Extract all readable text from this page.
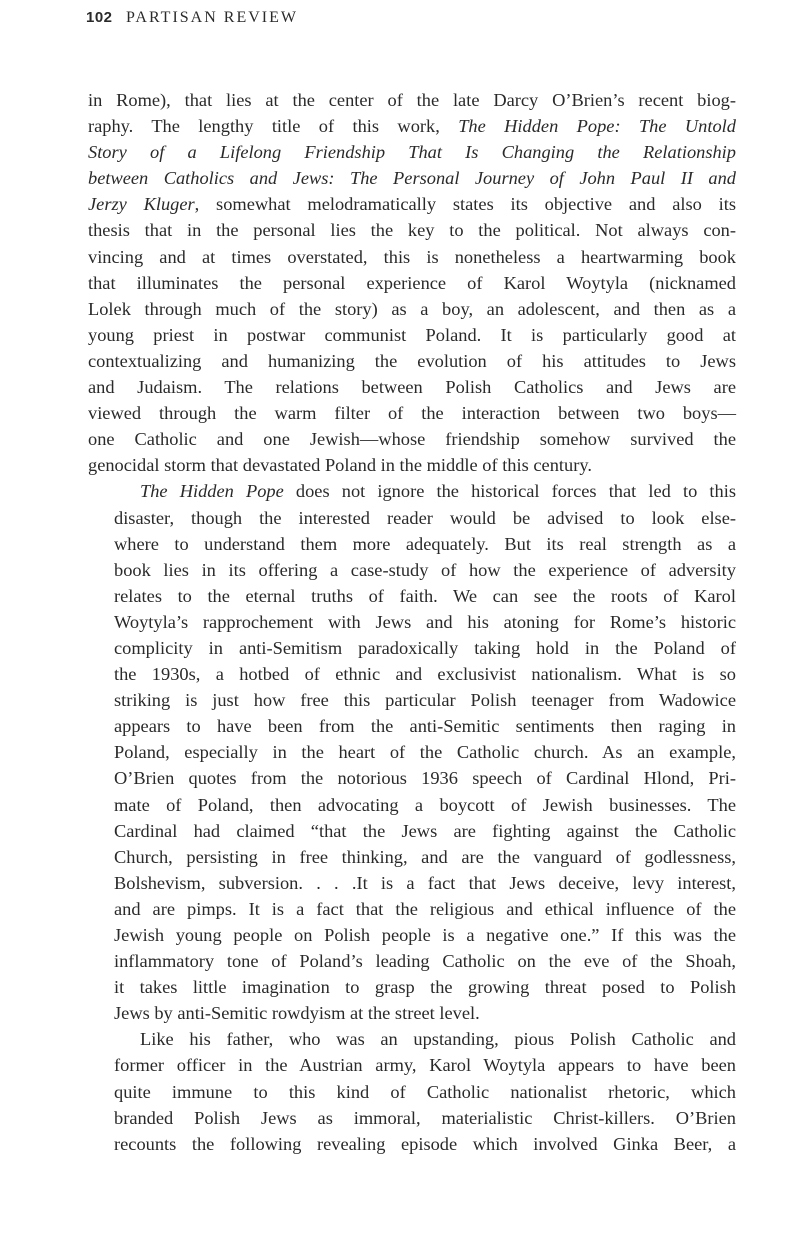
102 PARTISAN REVIEW
in Rome), that lies at the center of the late Darcy O’Brien’s recent biog-
raphy. The lengthy title of this work, The Hidden Pope: The Untold
Story of a Lifelong Friendship That Is Changing the Relationship
between Catholics and Jews: The Personal Journey of John Paul II and
Jerzy Kluger, somewhat melodramatically states its objective and also its
thesis that in the personal lies the key to the political. Not always con-
vincing and at times overstated, this is nonetheless a heartwarming book
that illuminates the personal experience of Karol Woytyla (nicknamed
Lolek through much of the story) as a boy, an adolescent, and then as a
young priest in postwar communist Poland. It is particularly good at
contextualizing and humanizing the evolution of his attitudes to Jews
and Judaism. The relations between Polish Catholics and Jews are
viewed through the warm filter of the interaction between two boys—
one Catholic and one Jewish—whose friendship somehow survived the
genocidal storm that devastated Poland in the middle of this century.
The Hidden Pope does not ignore the historical forces that led to this
disaster, though the interested reader would be advised to look else-
where to understand them more adequately. But its real strength as a
book lies in its offering a case-study of how the experience of adversity
relates to the eternal truths of faith. We can see the roots of Karol
Woytyla’s rapprochement with Jews and his atoning for Rome’s historic
complicity in anti-Semitism paradoxically taking hold in the Poland of
the 1930s, a hotbed of ethnic and exclusivist nationalism. What is so
striking is just how free this particular Polish teenager from Wadowice
appears to have been from the anti-Semitic sentiments then raging in
Poland, especially in the heart of the Catholic church. As an example,
O’Brien quotes from the notorious 1936 speech of Cardinal Hlond, Pri-
mate of Poland, then advocating a boycott of Jewish businesses. The
Cardinal had claimed “that the Jews are fighting against the Catholic
Church, persisting in free thinking, and are the vanguard of godlessness,
Bolshevism, subversion. . . .It is a fact that Jews deceive, levy interest,
and are pimps. It is a fact that the religious and ethical influence of the
Jewish young people on Polish people is a negative one.” If this was the
inflammatory tone of Poland’s leading Catholic on the eve of the Shoah,
it takes little imagination to grasp the growing threat posed to Polish
Jews by anti-Semitic rowdyism at the street level.
Like his father, who was an upstanding, pious Polish Catholic and
former officer in the Austrian army, Karol Woytyla appears to have been
quite immune to this kind of Catholic nationalist rhetoric, which
branded Polish Jews as immoral, materialistic Christ-killers. O’Brien
recounts the following revealing episode which involved Ginka Beer, a
